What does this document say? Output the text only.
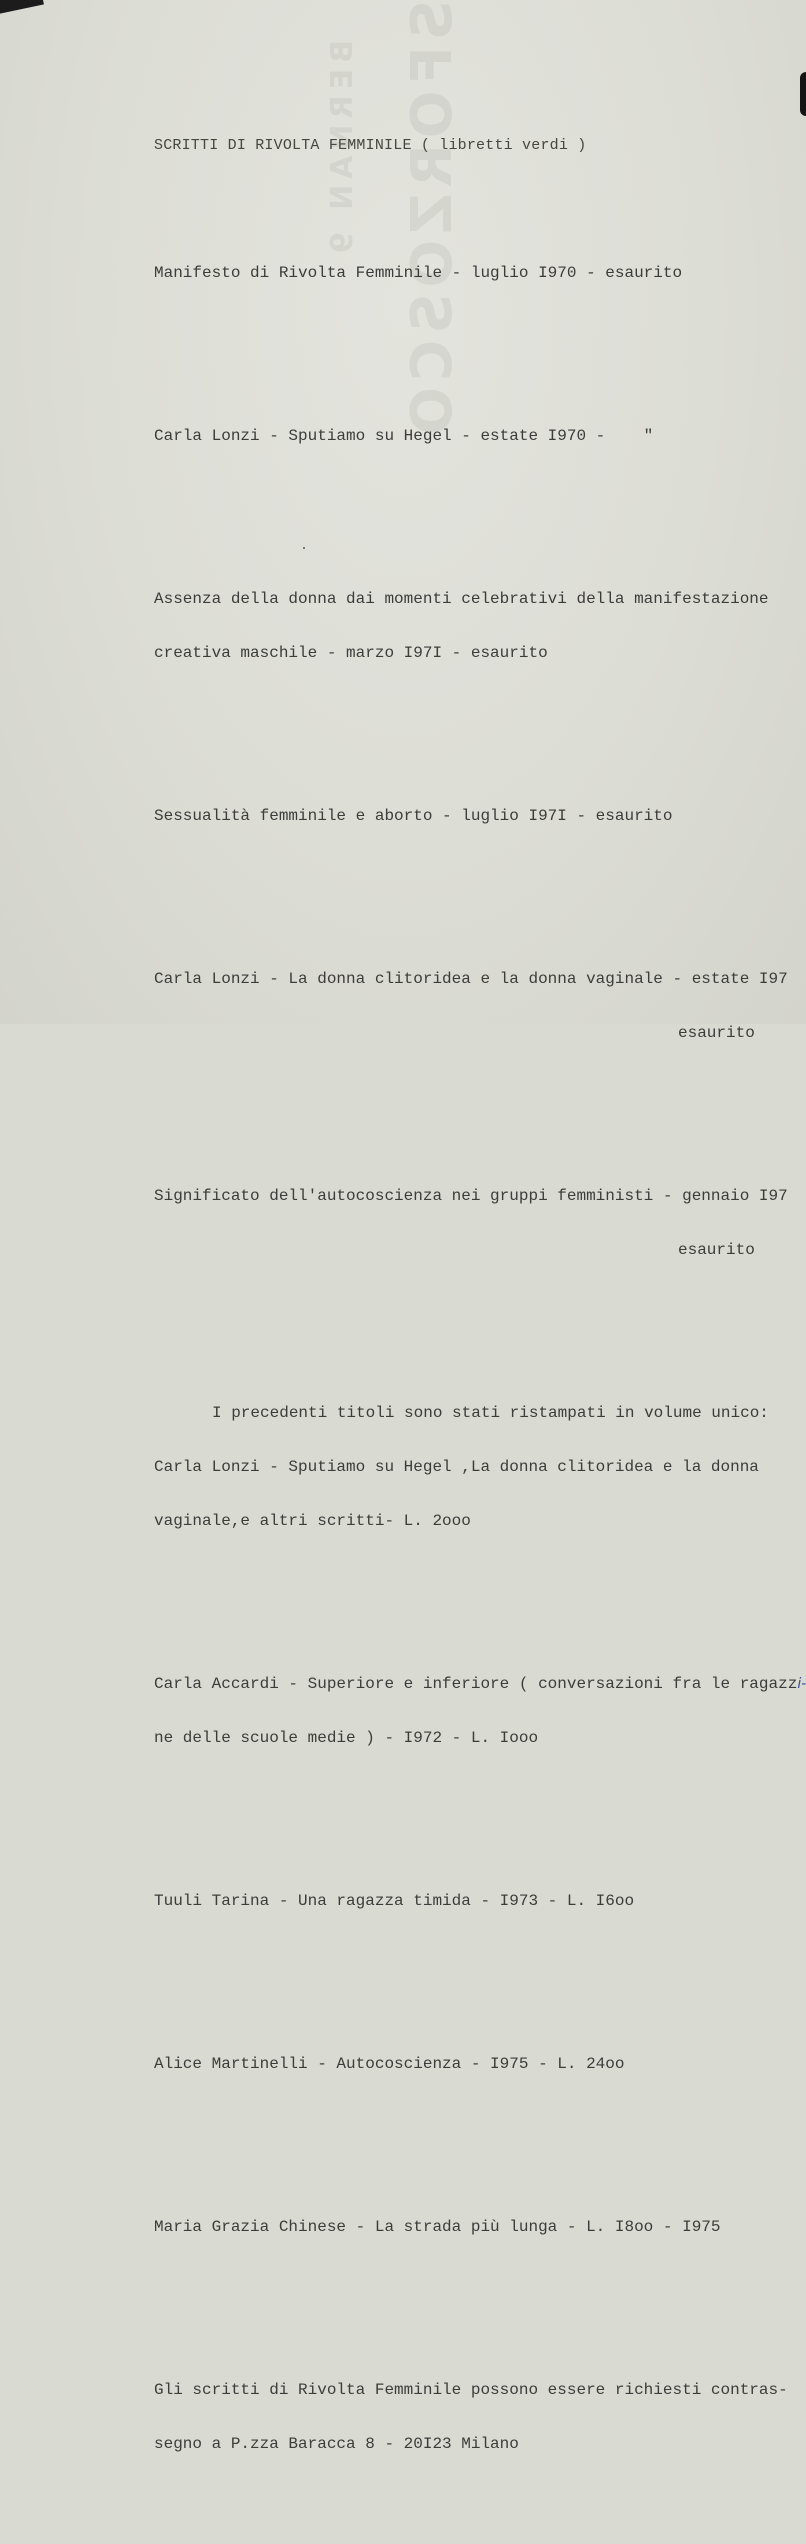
SFORZOSCO
BERNAN 9

SCRITTI DI RIVOLTA FEMMINILE ( libretti verdi )

Manifesto di Rivolta Femminile - luglio I970 - esaurito

Carla Lonzi - Sputiamo su Hegel - estate I970 -    "

Assenza della donna dai momenti celebrativi della manifestazione

creativa maschile - marzo I97I - esaurito

Sessualità femminile e aborto - luglio I97I - esaurito

Carla Lonzi - La donna clitoridea e la donna vaginale - estate I97

esaurito

Significato dell'autocoscienza nei gruppi femministi - gennaio I97

esaurito

I precedenti titoli sono stati ristampati in volume unico:

Carla Lonzi - Sputiamo su Hegel ,La donna clitoridea e la donna

vaginale,e altri scritti- L. 2ooo

Carla Accardi - Superiore e inferiore ( conversazioni fra le ragazzi-

ne delle scuole medie ) - I972 - L. Iooo

Tuuli Tarina - Una ragazza timida - I973 - L. I6oo

Alice Martinelli - Autocoscienza - I975 - L. 24oo

Maria Grazia Chinese - La strada più lunga - L. I8oo - I975

Gli scritti di Rivolta Femminile possono essere richiesti contras-

segno a P.zza Baracca 8 - 20I23 Milano
